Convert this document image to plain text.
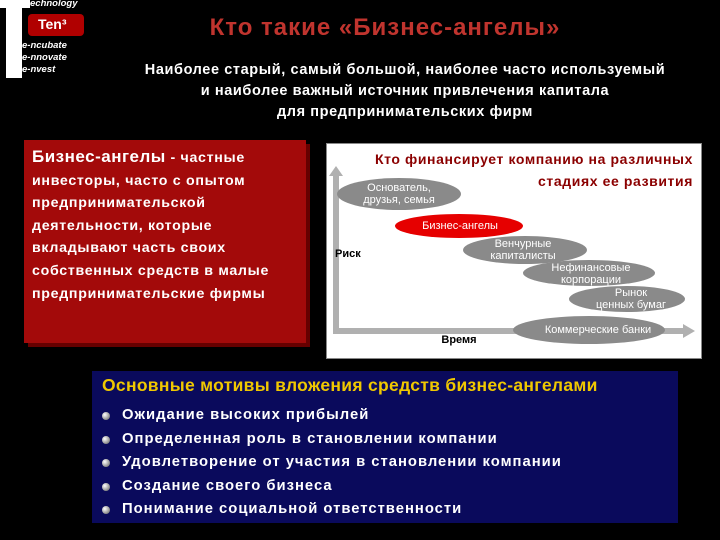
echnology
Ten³
e-ncubate
e-nnovate
e-nvest
Кто такие «Бизнес-ангелы»
Наиболее старый, самый большой, наиболее часто используемый
и наиболее важный источник привлечения капитала
для предпринимательских фирм
Бизнес-ангелы - частные инвесторы, часто с опытом предпринимательской деятельности, которые вкладывают часть своих собственных средств в малые предпринимательские фирмы
Кто финансирует компанию на различных
стадиях ее развития
Основатель,
друзья, семья
Бизнес-ангелы
Венчурные
капиталисты
Нефинансовые
корпорации
Рынок
ценных бумаг
Коммерческие банки
Риск
Время
Основные мотивы вложения средств бизнес-ангелами
Ожидание высоких прибылей
Определенная роль в становлении компании
Удовлетворение от участия в становлении компании
Создание своего бизнеса
Понимание социальной ответственности
